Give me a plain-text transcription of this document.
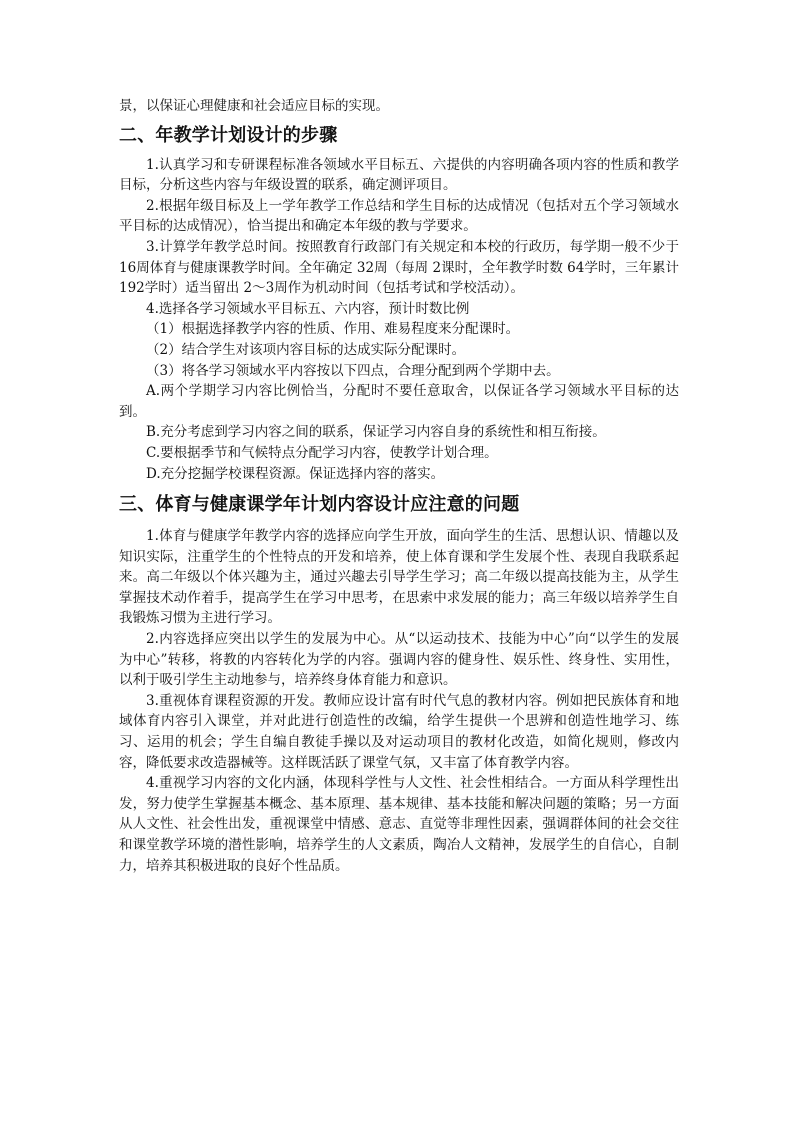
景，以保证心理健康和社会适应目标的实现。

二、年教学计划设计的步骤

1.认真学习和专研课程标准各领域水平目标五、六提供的内容明确各项内容的性质和教学目标，分析这些内容与年级设置的联系，确定测评项目。

2.根据年级目标及上一学年教学工作总结和学生目标的达成情况（包括对五个学习领域水平目标的达成情况），恰当提出和确定本年级的教与学要求。

3.计算学年教学总时间。按照教育行政部门有关规定和本校的行政历，每学期一般不少于 16周体育与健康课教学时间。全年确定 32周（每周 2课时，全年教学时数 64学时，三年累计 192学时）适当留出 2～3周作为机动时间（包括考试和学校活动）。

4.选择各学习领域水平目标五、六内容，预计时数比例

（1）根据选择教学内容的性质、作用、难易程度来分配课时。

（2）结合学生对该项内容目标的达成实际分配课时。

（3）将各学习领域水平内容按以下四点，合理分配到两个学期中去。

A.两个学期学习内容比例恰当，分配时不要任意取舍，以保证各学习领域水平目标的达到。

B.充分考虑到学习内容之间的联系，保证学习内容自身的系统性和相互衔接。

C.要根据季节和气候特点分配学习内容，使教学计划合理。

D.充分挖掘学校课程资源。保证选择内容的落实。

三、体育与健康课学年计划内容设计应注意的问题

1.体育与健康学年教学内容的选择应向学生开放，面向学生的生活、思想认识、情趣以及知识实际，注重学生的个性特点的开发和培养，使上体育课和学生发展个性、表现自我联系起来。高二年级以个体兴趣为主，通过兴趣去引导学生学习；高二年级以提高技能为主，从学生掌握技术动作着手，提高学生在学习中思考，在思索中求发展的能力；高三年级以培养学生自我锻炼习惯为主进行学习。

2.内容选择应突出以学生的发展为中心。从“以运动技术、技能为中心”向“以学生的发展为中心”转移，将教的内容转化为学的内容。强调内容的健身性、娱乐性、终身性、实用性，以利于吸引学生主动地参与，培养终身体育能力和意识。

3.重视体育课程资源的开发。教师应设计富有时代气息的教材内容。例如把民族体育和地域体育内容引入课堂，并对此进行创造性的改编，给学生提供一个思辨和创造性地学习、练习、运用的机会；学生自编自教徒手操以及对运动项目的教材化改造，如简化规则，修改内容，降低要求改造器械等。这样既活跃了课堂气氛，又丰富了体育教学内容。

4.重视学习内容的文化内涵，体现科学性与人文性、社会性相结合。一方面从科学理性出发，努力使学生掌握基本概念、基本原理、基本规律、基本技能和解决问题的策略；另一方面从人文性、社会性出发，重视课堂中情感、意志、直觉等非理性因素，强调群体间的社会交往和课堂教学环境的潜性影响，培养学生的人文素质，陶冶人文精神，发展学生的自信心，自制力，培养其积极进取的良好个性品质。
